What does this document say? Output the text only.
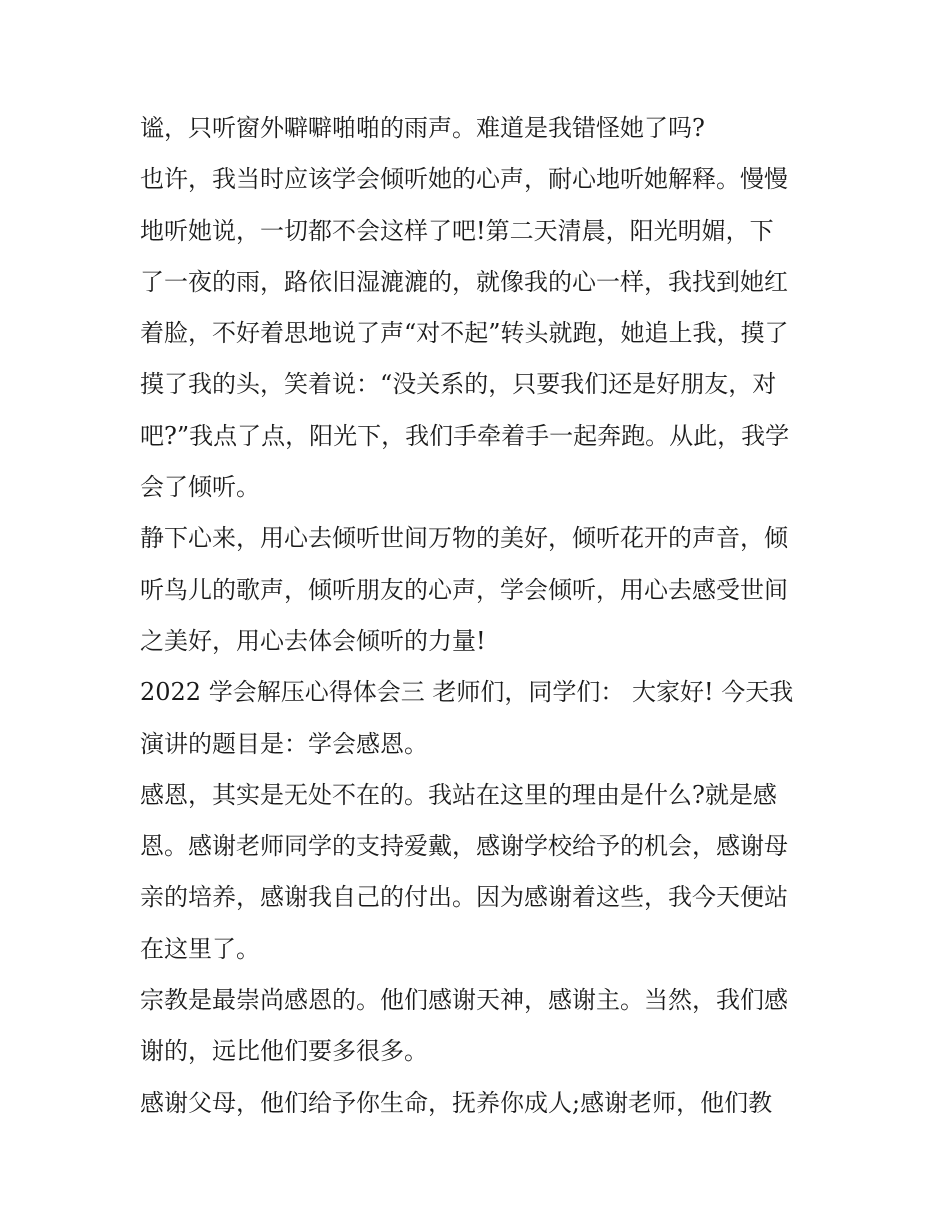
谧，只听窗外噼噼啪啪的雨声。难道是我错怪她了吗?
也许，我当时应该学会倾听她的心声，耐心地听她解释。慢慢
地听她说，一切都不会这样了吧!第二天清晨，阳光明媚，下
了一夜的雨，路依旧湿漉漉的，就像我的心一样，我找到她红
着脸，不好着思地说了声“对不起”转头就跑，她追上我，摸了
摸了我的头，笑着说：“没关系的，只要我们还是好朋友，对
吧?”我点了点，阳光下，我们手牵着手一起奔跑。从此，我学
会了倾听。
静下心来，用心去倾听世间万物的美好，倾听花开的声音，倾
听鸟儿的歌声，倾听朋友的心声，学会倾听，用心去感受世间
之美好，用心去体会倾听的力量!
2022 学会解压心得体会三 老师们，同学们： 大家好! 今天我
演讲的题目是：学会感恩。
感恩，其实是无处不在的。我站在这里的理由是什么?就是感
恩。感谢老师同学的支持爱戴，感谢学校给予的机会，感谢母
亲的培养，感谢我自己的付出。因为感谢着这些，我今天便站
在这里了。
宗教是最崇尚感恩的。他们感谢天神，感谢主。当然，我们感
谢的，远比他们要多很多。
感谢父母，他们给予你生命，抚养你成人;感谢老师，他们教
